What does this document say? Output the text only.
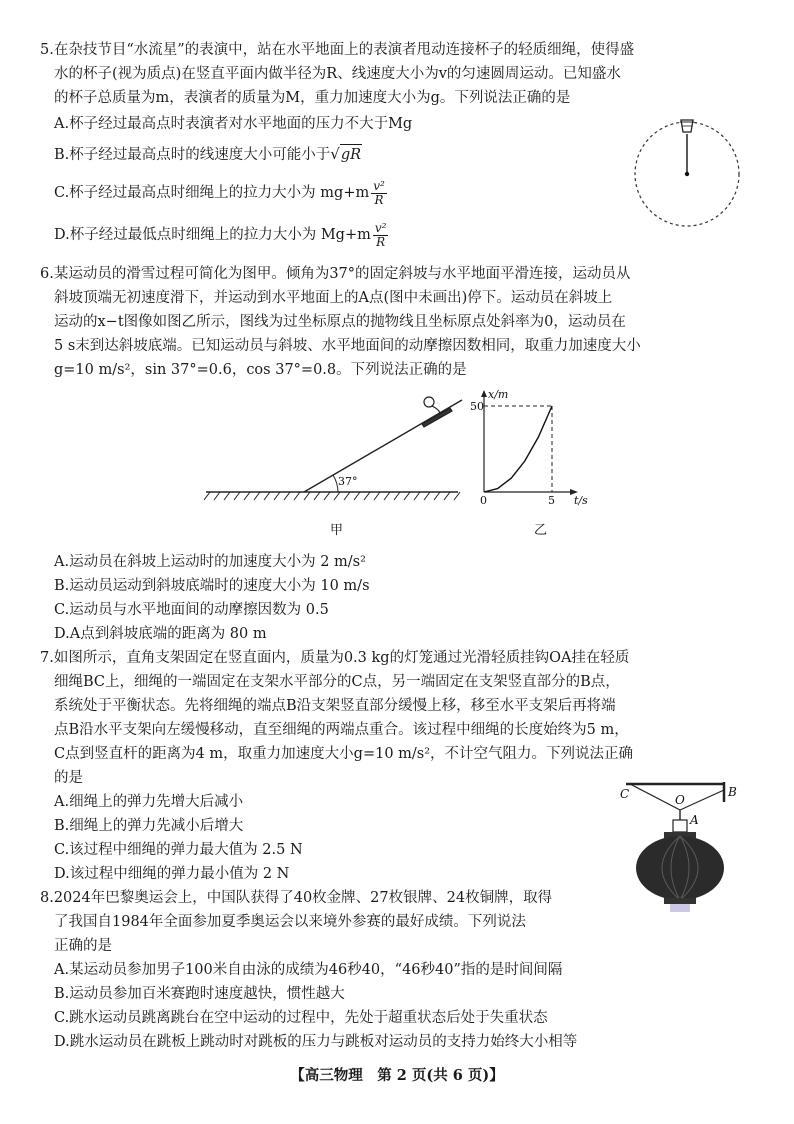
5.在杂技节目“水流星”的表演中，站在水平地面上的表演者甩动连接杯子的轻质细绳，使得盛
水的杯子(视为质点)在竖直平面内做半径为R、线速度大小为v的匀速圆周运动。已知盛水
的杯子总质量为m，表演者的质量为M，重力加速度大小为g。下列说法正确的是
A.杯子经过最高点时表演者对水平地面的压力不大于Mg
B.杯子经过最高点时的线速度大小可能小于√gR
C.杯子经过最高点时细绳上的拉力大小为 $mg+m \frac{\text{v²}}{R}$
D.杯子经过最低点时细绳上的拉力大小为 $Mg+m \frac{\text{v²}}{R}$
6.某运动员的滑雪过程可简化为图甲。倾角为37°的固定斜坡与水平地面平滑连接，运动员从
斜坡顶端无初速度滑下，并运动到水平地面上的A点(图中未画出)停下。运动员在斜坡上
运动的x−t图像如图乙所示，图线为过坐标原点的抛物线且坐标原点处斜率为0，运动员在
5 s末到达斜坡底端。已知运动员与斜坡、水平地面间的动摩擦因数相同，取重力加速度大小
g=10 m/s²，sin 37°=0.6，cos 37°=0.8。下列说法正确的是
37°
甲
x/m
50
0	5 t/s
乙
A.运动员在斜坡上运动时的加速度大小为 2 m/s²
B.运动员运动到斜坡底端时的速度大小为 10 m/s
C.运动员与水平地面间的动摩擦因数为 0.5
D.A点到斜坡底端的距离为 80 m
7.如图所示，直角支架固定在竖直面内，质量为0.3 kg的灯笼通过光滑轻质挂钩OA挂在轻质
细绳BC上，细绳的一端固定在支架水平部分的C点，另一端固定在支架竖直部分的B点，
系统处于平衡状态。先将细绳的端点B沿支架竖直部分缓慢上移，移至水平支架后再将端
点B沿水平支架向左缓慢移动，直至细绳的两端点重合。该过程中细绳的长度始终为5 m，
C点到竖直杆的距离为4 m，取重力加速度大小g=10 m/s²，不计空气阻力。下列说法正确
的是
A.细绳上的弹力先增大后减小
B.细绳上的弹力先减小后增大
C.该过程中细绳的弹力最大值为 2.5 N
D.该过程中细绳的弹力最小值为 2 N
C	O
B
A
8.2024年巴黎奥运会上，中国队获得了40枚金牌、27枚银牌、24枚铜牌，取得
了我国自1984年全面参加夏季奥运会以来境外参赛的最好成绩。下列说法
正确的是
A.某运动员参加男子100米自由泳的成绩为46秒40，“46秒40”指的是时间间隔
B.运动员参加百米赛跑时速度越快，惯性越大
C.跳水运动员跳离跳台在空中运动的过程中，先处于超重状态后处于失重状态
D.跳水运动员在跳板上跳动时对跳板的压力与跳板对运动员的支持力始终大小相等
【高三物理　第 2 页(共 6 页)】
